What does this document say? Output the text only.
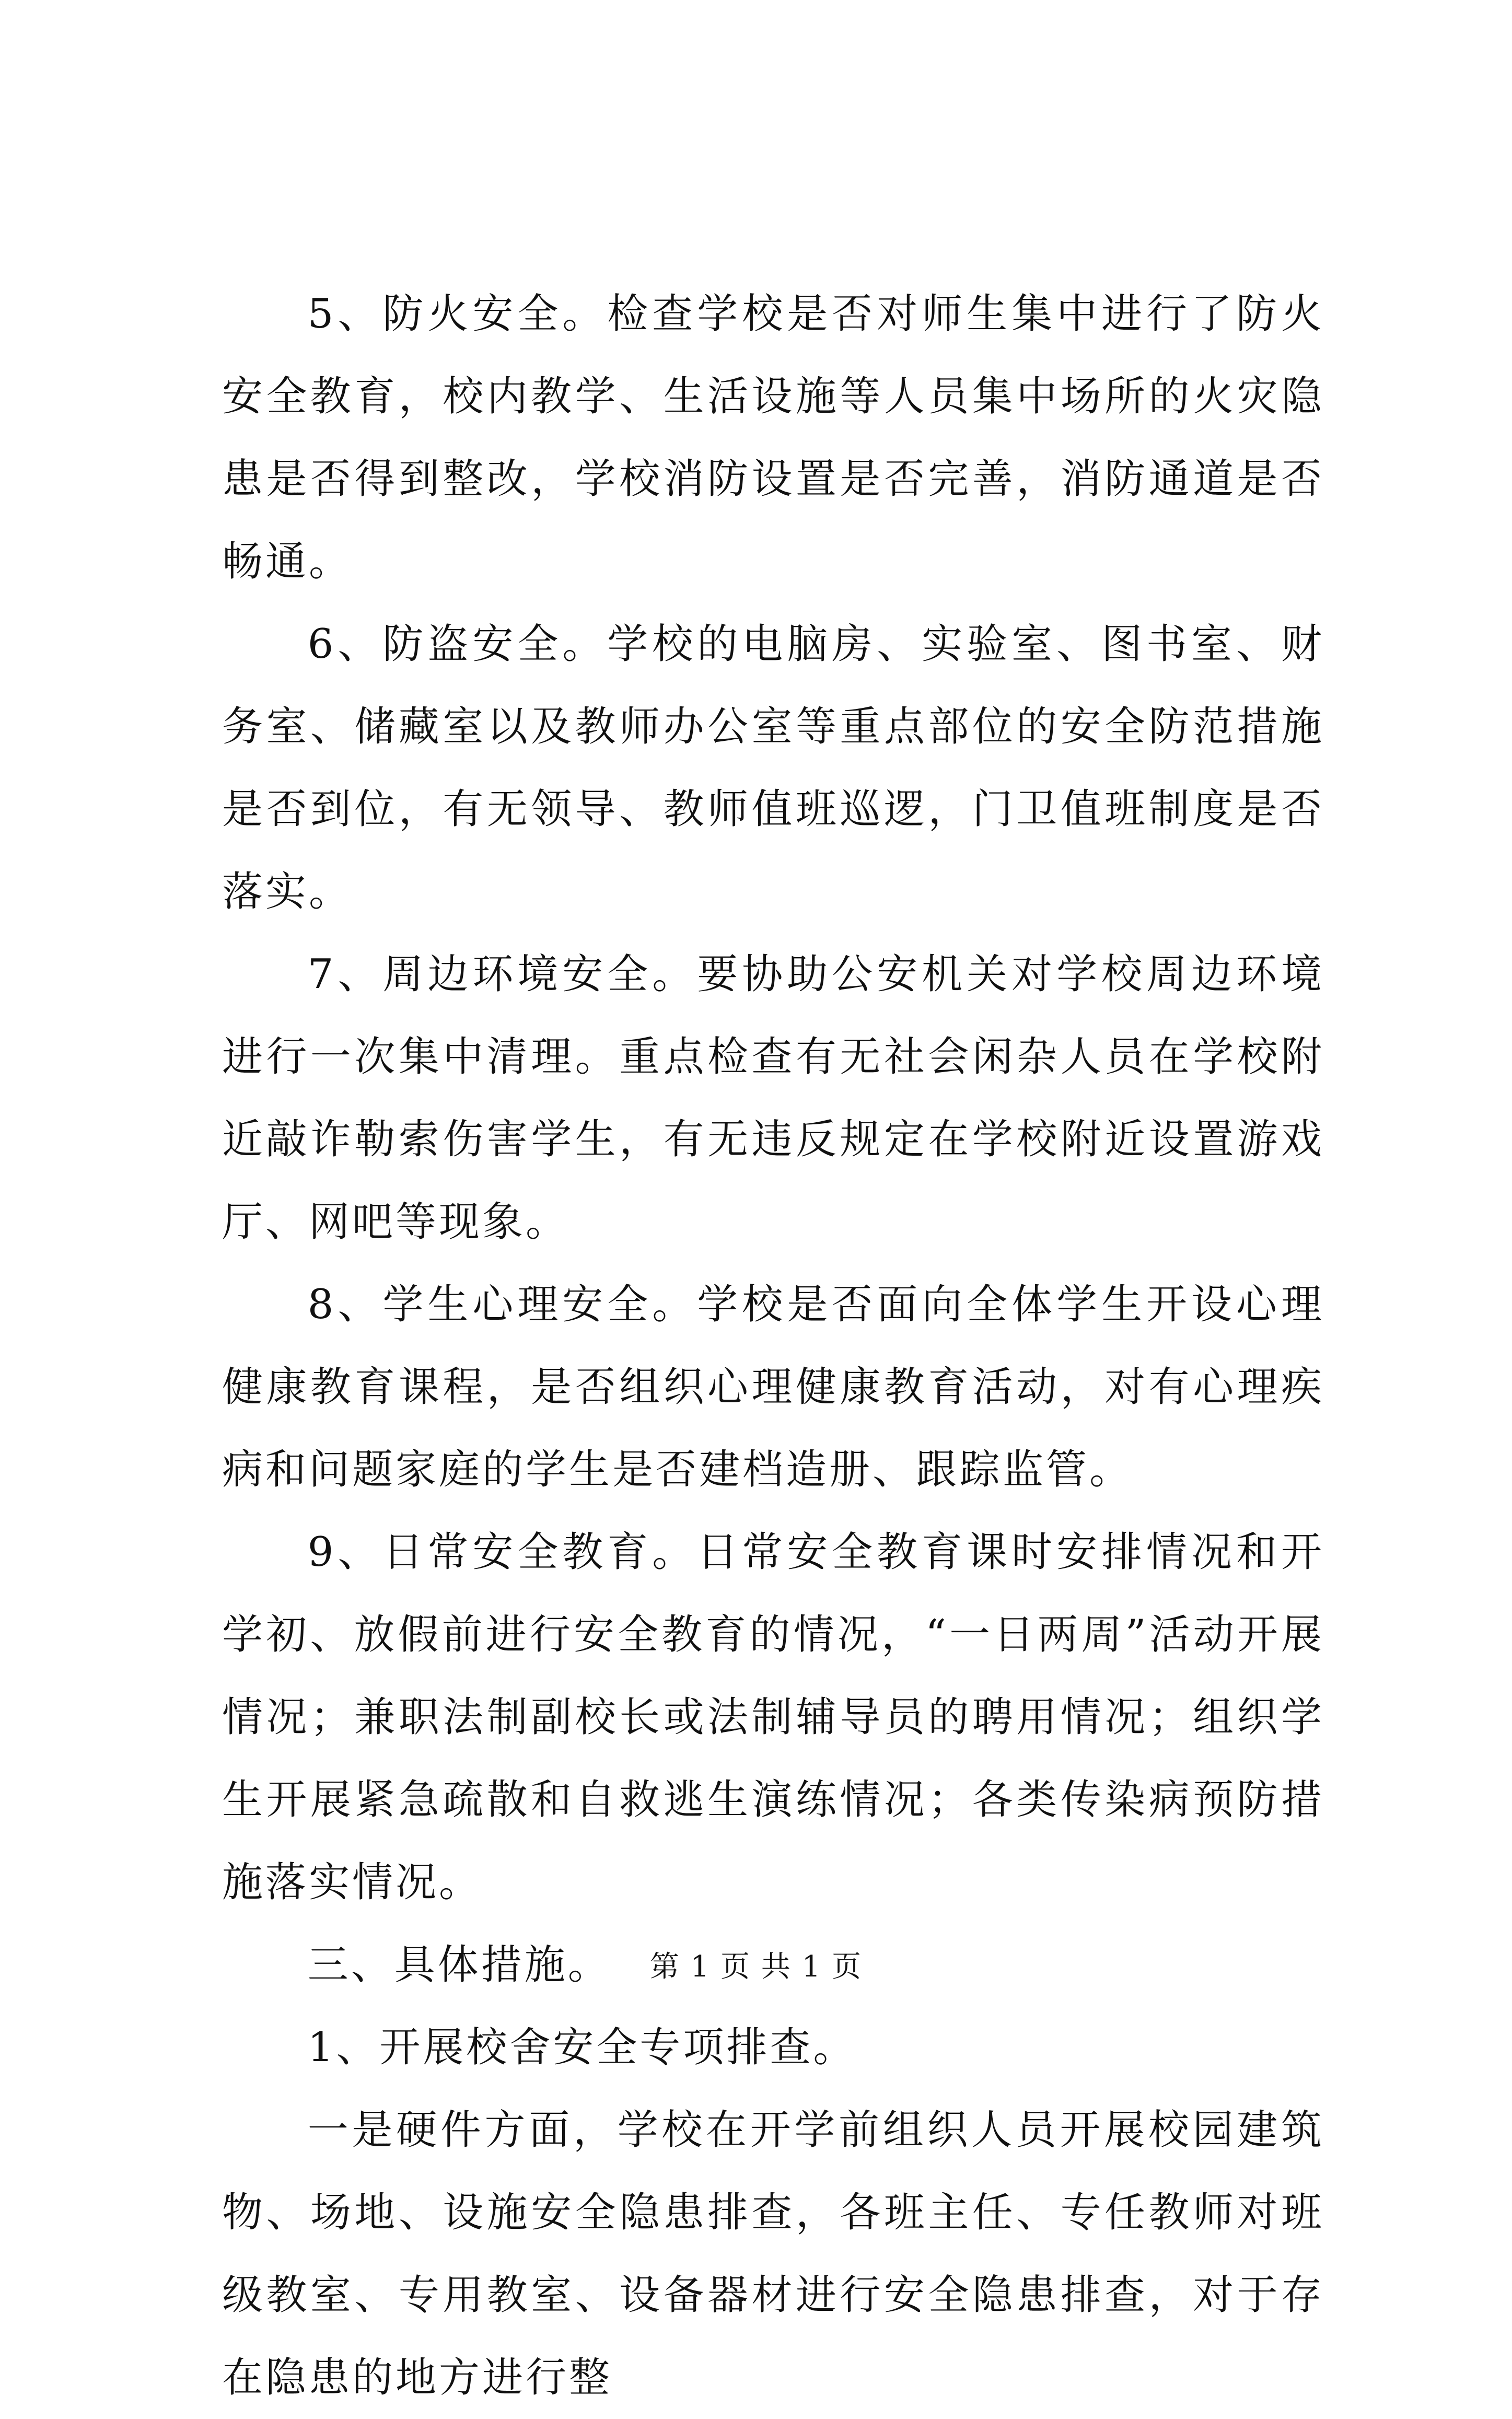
5、防火安全。检查学校是否对师生集中进行了防火安全教育，校内教学、生活设施等人员集中场所的火灾隐患是否得到整改，学校消防设置是否完善，消防通道是否畅通。

6、防盗安全。学校的电脑房、实验室、图书室、财务室、储藏室以及教师办公室等重点部位的安全防范措施是否到位，有无领导、教师值班巡逻，门卫值班制度是否落实。

7、周边环境安全。要协助公安机关对学校周边环境进行一次集中清理。重点检查有无社会闲杂人员在学校附近敲诈勒索伤害学生，有无违反规定在学校附近设置游戏厅、网吧等现象。

8、学生心理安全。学校是否面向全体学生开设心理健康教育课程，是否组织心理健康教育活动，对有心理疾病和问题家庭的学生是否建档造册、跟踪监管。

9、日常安全教育。日常安全教育课时安排情况和开学初、放假前进行安全教育的情况，“一日两周”活动开展情况；兼职法制副校长或法制辅导员的聘用情况；组织学生开展紧急疏散和自救逃生演练情况；各类传染病预防措施落实情况。

三、具体措施。

1、开展校舍安全专项排查。

一是硬件方面，学校在开学前组织人员开展校园建筑物、场地、设施安全隐患排查，各班主任、专任教师对班级教室、专用教室、设备器材进行安全隐患排查，对于存在隐患的地方进行整

第 1 页 共 1 页
